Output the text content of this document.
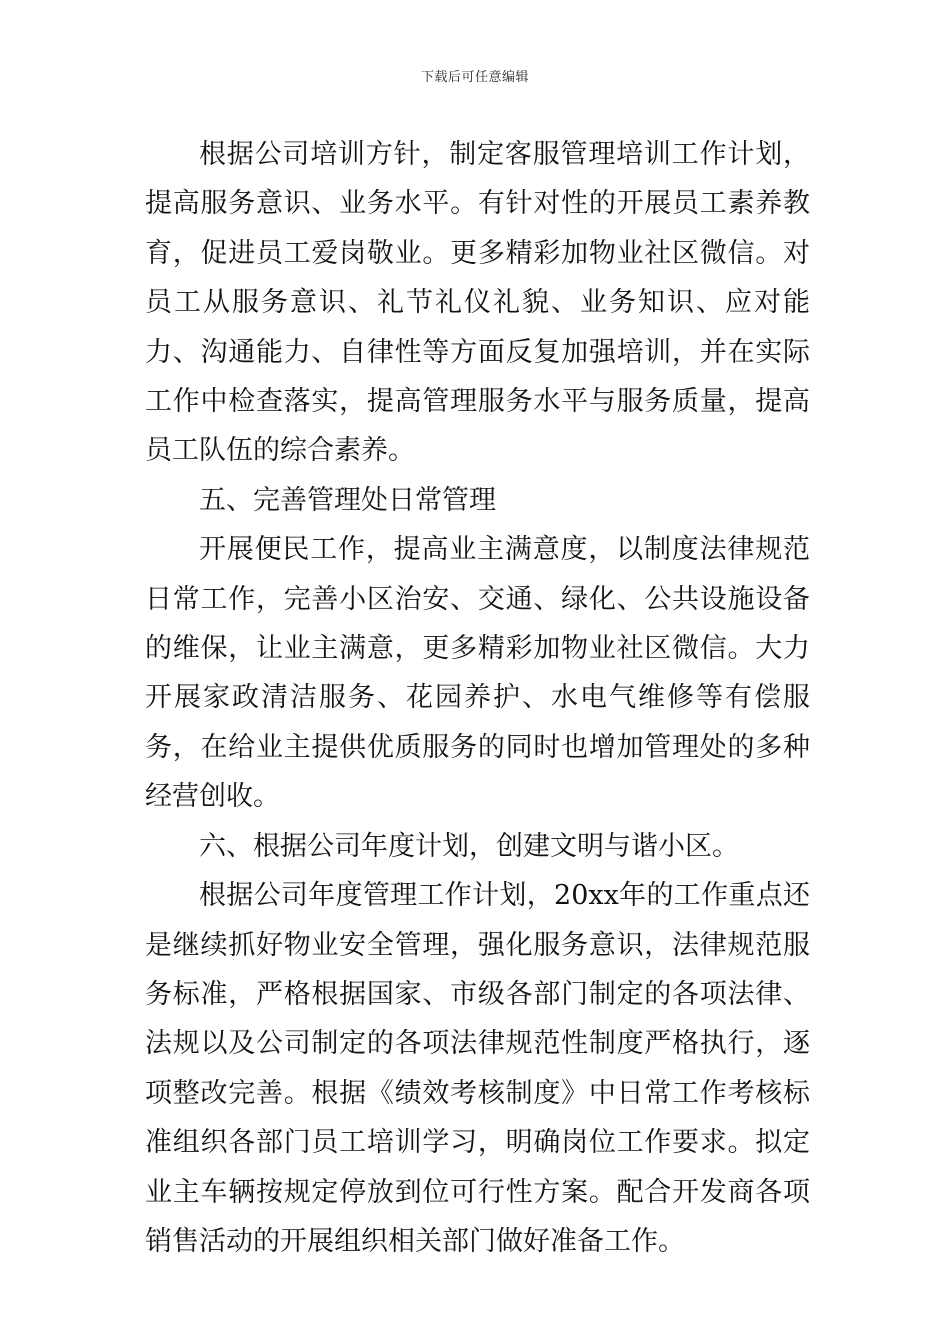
下载后可任意编辑

根据公司培训方针，制定客服管理培训工作计划，提高服务意识、业务水平。有针对性的开展员工素养教育，促进员工爱岗敬业。更多精彩加物业社区微信。对员工从服务意识、礼节礼仪礼貌、业务知识、应对能力、沟通能力、自律性等方面反复加强培训，并在实际工作中检查落实，提高管理服务水平与服务质量，提高员工队伍的综合素养。

五、完善管理处日常管理

开展便民工作，提高业主满意度，以制度法律规范日常工作，完善小区治安、交通、绿化、公共设施设备的维保，让业主满意，更多精彩加物业社区微信。大力开展家政清洁服务、花园养护、水电气维修等有偿服务，在给业主提供优质服务的同时也增加管理处的多种经营创收。

六、根据公司年度计划，创建文明与谐小区。

根据公司年度管理工作计划，20xx年的工作重点还是继续抓好物业安全管理，强化服务意识，法律规范服务标准，严格根据国家、市级各部门制定的各项法律、法规以及公司制定的各项法律规范性制度严格执行，逐项整改完善。根据《绩效考核制度》中日常工作考核标准组织各部门员工培训学习，明确岗位工作要求。拟定业主车辆按规定停放到位可行性方案。配合开发商各项销售活动的开展组织相关部门做好准备工作。
